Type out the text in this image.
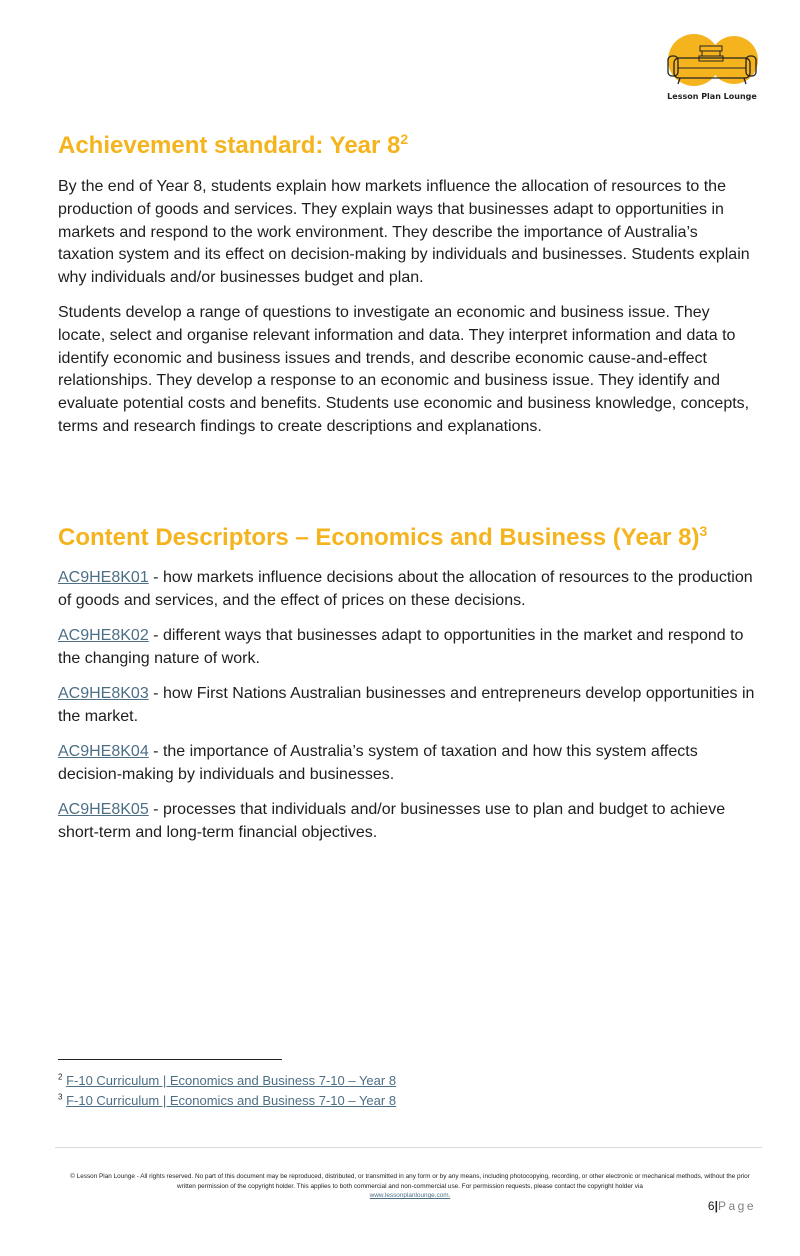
Lesson Plan Lounge
Achievement standard: Year $8^2$

By the end of Year 8, students explain how markets influence the allocation of resources to the production of goods and services. They explain ways that businesses adapt to opportunities in markets and respond to the work environment. They describe the importance of Australia’s taxation system and its effect on decision-making by individuals and businesses. Students explain why individuals and/or businesses budget and plan.

Students develop a range of questions to investigate an economic and business issue. They locate, select and organise relevant information and data. They interpret information and data to identify economic and business issues and trends, and describe economic cause-and-effect relationships. They develop a response to an economic and business issue. They identify and evaluate potential costs and benefits. Students use economic and business knowledge, concepts, terms and research findings to create descriptions and explanations.

Content Descriptors – Economics and Business (Year 8)$^3$

AC9HE8K01 - how markets influence decisions about the allocation of resources to the production of goods and services, and the effect of prices on these decisions.

AC9HE8K02 - different ways that businesses adapt to opportunities in the market and respond to the changing nature of work.

AC9HE8K03 - how First Nations Australian businesses and entrepreneurs develop opportunities in the market.

AC9HE8K04 - the importance of Australia’s system of taxation and how this system affects decision-making by individuals and businesses.

AC9HE8K05 - processes that individuals and/or businesses use to plan and budget to achieve short-term and long-term financial objectives.

$^2$ F-10 Curriculum | Economics and Business 7-10 – Year 8
$^3$ F-10 Curriculum | Economics and Business 7-10 – Year 8
© Lesson Plan Lounge - All rights reserved. No part of this document may be reproduced, distributed, or transmitted in any form or by any means, including photocopying, recording, or other electronic or mechanical methods, without the prior written permission of the copyright holder. This applies to both commercial and non-commercial use. For permission requests, please contact the copyright holder via
www.lessonplanlounge.com.
6|Page
